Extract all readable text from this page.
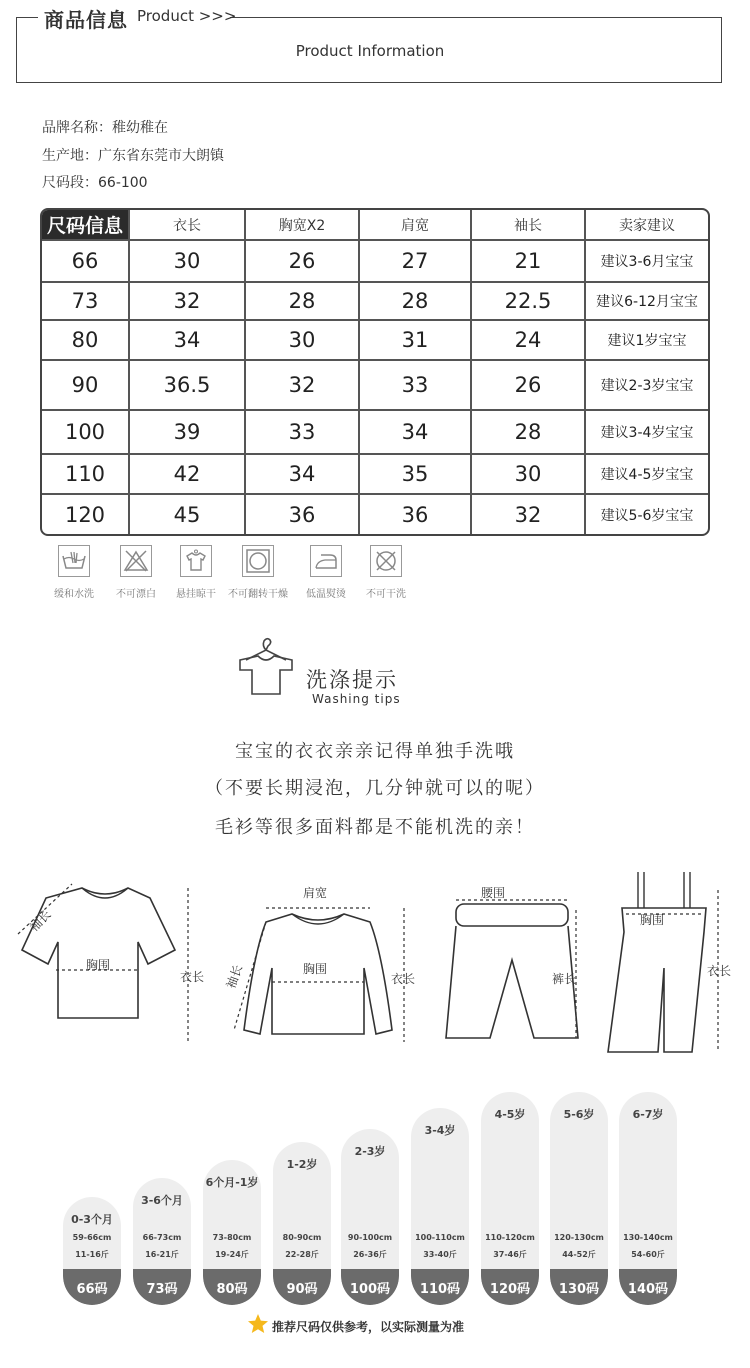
商品信息 Product >>>
Product Information
品牌名称：稚幼稚在
生产地：广东省东莞市大朗镇
尺码段：66-100
尺码信息	衣长	胸宽X2	肩宽	袖长	卖家建议
66	30	26	27	21	建议3-6月宝宝
73	32	28	28	22.5	建议6-12月宝宝
80	34	30	31	24	建议1岁宝宝
90	36.5	32	33	26	建议2-3岁宝宝
100	39	33	34	28	建议3-4岁宝宝
110	42	34	35	30	建议4-5岁宝宝
120	45	36	36	32	建议5-6岁宝宝
缓和水洗	不可漂白	悬挂晾干	不可翻转干燥	低温熨烫	不可干洗
洗涤提示
Washing tips
宝宝的衣衣亲亲记得单独手洗哦
（不要长期浸泡，几分钟就可以的呢）
毛衫等很多面料都是不能机洗的亲！
胸围
衣长
袖长
肩宽
胸围
衣长
袖长
腰围
裤长
胸围
衣长
0-3个月
59-66cm
11-16斤
66码
3-6个月
66-73cm
16-21斤
73码
6个月-1岁
73-80cm
19-24斤
80码
1-2岁
80-90cm
22-28斤
90码
2-3岁
90-100cm
26-36斤
100码
3-4岁
100-110cm
33-40斤
110码
4-5岁
110-120cm
37-46斤
120码
5-6岁
120-130cm
44-52斤
130码
6-7岁
130-140cm
54-60斤
140码
推荐尺码仅供参考，以实际测量为准
